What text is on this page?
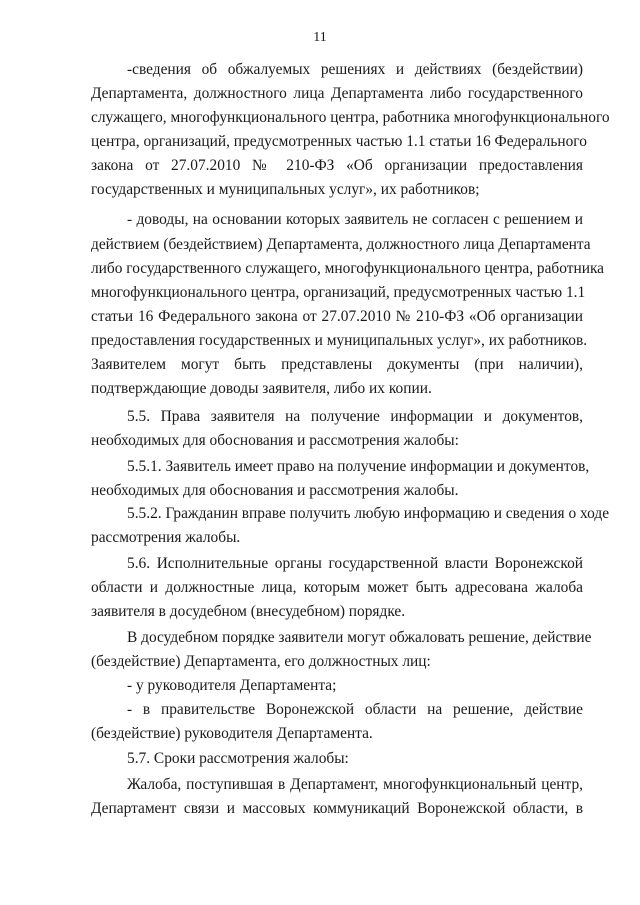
11
-сведения об обжалуемых решениях и действиях (бездействии)
Департамента, должностного лица Департамента либо государственного
служащего, многофункционального центра, работника многофункционального
центра, организаций, предусмотренных частью 1.1 статьи 16 Федерального
закона от 27.07.2010 № 210-ФЗ «Об организации предоставления
государственных и муниципальных услуг», их работников;
- доводы, на основании которых заявитель не согласен с решением и
действием (бездействием) Департамента, должностного лица Департамента
либо государственного служащего, многофункционального центра, работника
многофункционального центра, организаций, предусмотренных частью 1.1
статьи 16 Федерального закона от 27.07.2010 № 210-ФЗ «Об организации
предоставления государственных и муниципальных услуг», их работников.
Заявителем могут быть представлены документы (при наличии),
подтверждающие доводы заявителя, либо их копии.
5.5. Права заявителя на получение информации и документов,
необходимых для обоснования и рассмотрения жалобы:
5.5.1. Заявитель имеет право на получение информации и документов,
необходимых для обоснования и рассмотрения жалобы.
5.5.2. Гражданин вправе получить любую информацию и сведения о ходе
рассмотрения жалобы.
5.6. Исполнительные органы государственной власти Воронежской
области и должностные лица, которым может быть адресована жалоба
заявителя в досудебном (внесудебном) порядке.
В досудебном порядке заявители могут обжаловать решение, действие
(бездействие) Департамента, его должностных лиц:
- у руководителя Департамента;
- в правительстве Воронежской области на решение, действие
(бездействие) руководителя Департамента.
5.7. Сроки рассмотрения жалобы:
Жалоба, поступившая в Департамент, многофункциональный центр,
Департамент связи и массовых коммуникаций Воронежской области, в
